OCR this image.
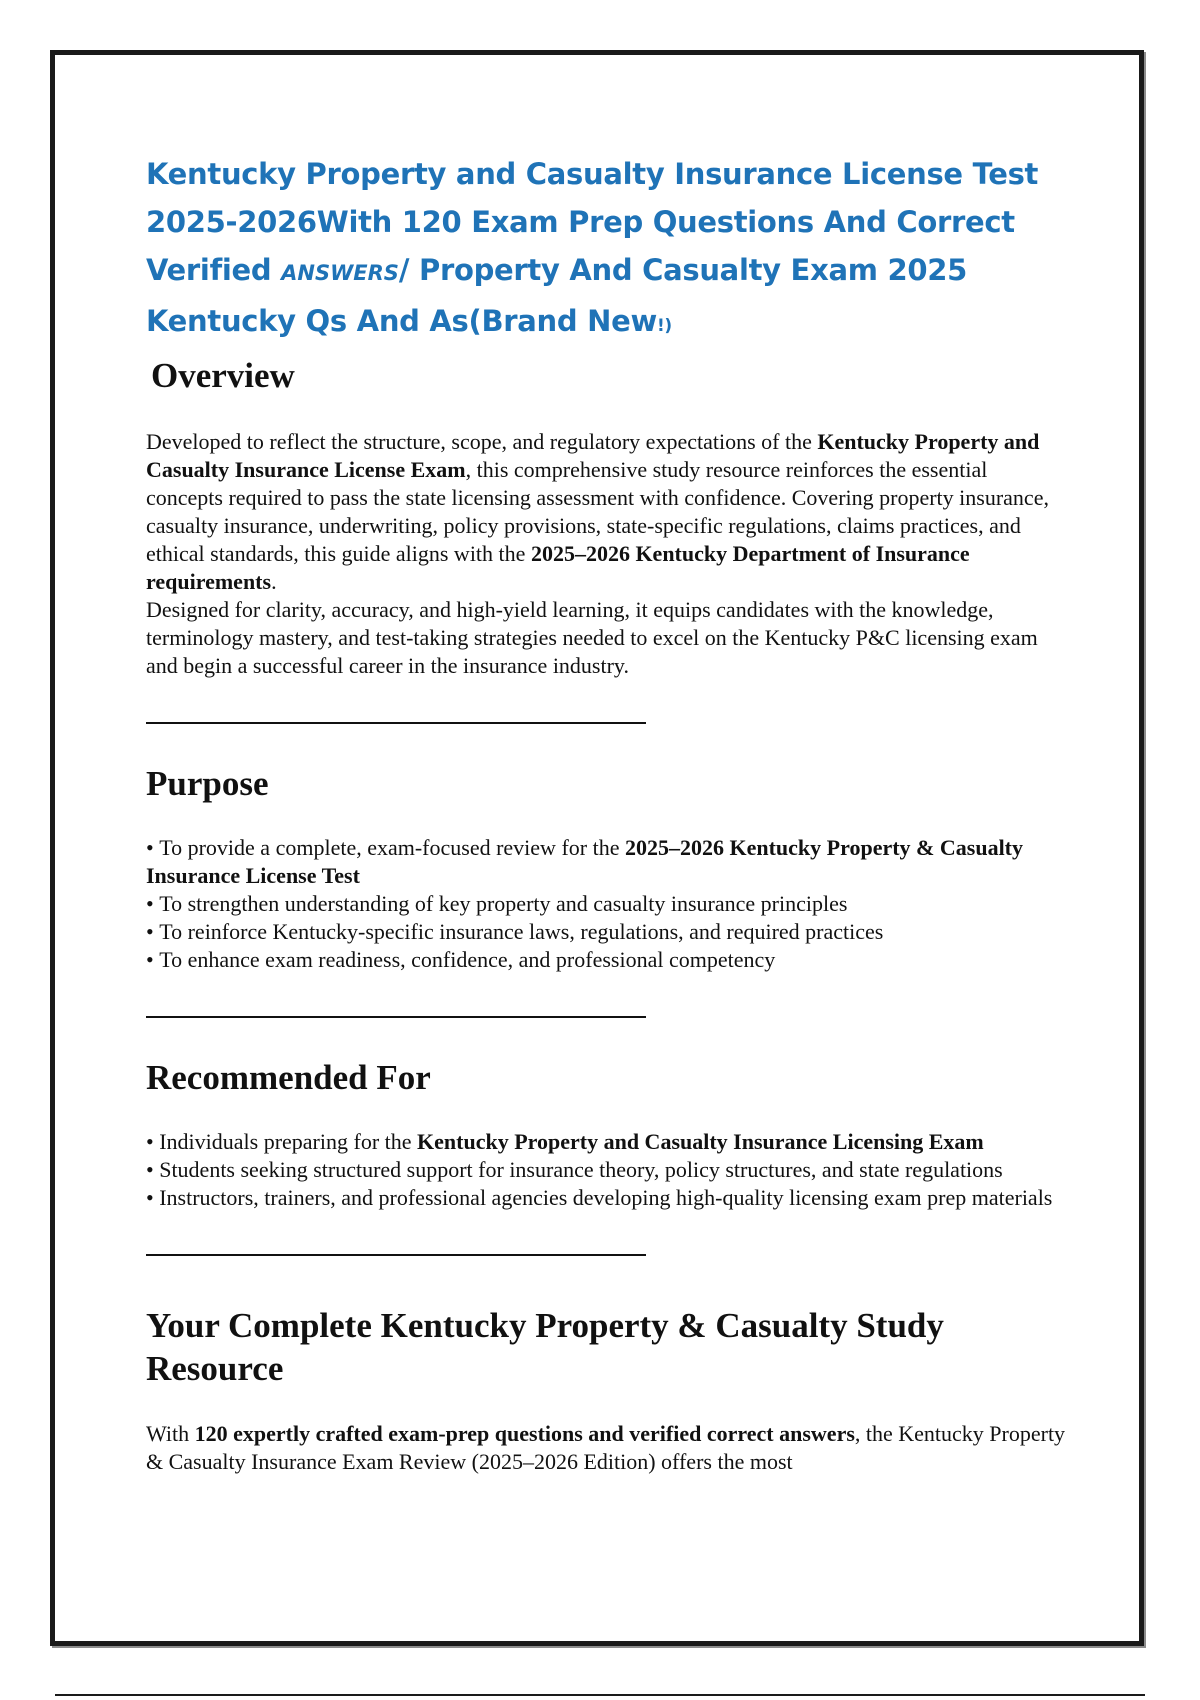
Kentucky Property and Casualty Insurance License Test 2025-2026With 120 Exam Prep Questions And Correct Verified ANSWERS/ Property And Casualty Exam 2025 Kentucky Qs And As(Brand New!)
Overview

Developed to reflect the structure, scope, and regulatory expectations of the Kentucky Property and Casualty Insurance License Exam, this comprehensive study resource reinforces the essential concepts required to pass the state licensing assessment with confidence. Covering property insurance, casualty insurance, underwriting, policy provisions, state-specific regulations, claims practices, and ethical standards, this guide aligns with the 2025–2026 Kentucky Department of Insurance requirements.

Designed for clarity, accuracy, and high-yield learning, it equips candidates with the knowledge, terminology mastery, and test-taking strategies needed to excel on the Kentucky P&C licensing exam and begin a successful career in the insurance industry.

Purpose
• To provide a complete, exam-focused review for the 2025–2026 Kentucky Property & Casualty Insurance License Test
• To strengthen understanding of key property and casualty insurance principles
• To reinforce Kentucky-specific insurance laws, regulations, and required practices
• To enhance exam readiness, confidence, and professional competency
Recommended For
• Individuals preparing for the Kentucky Property and Casualty Insurance Licensing Exam
• Students seeking structured support for insurance theory, policy structures, and state regulations
• Instructors, trainers, and professional agencies developing high-quality licensing exam prep materials
Your Complete Kentucky Property & Casualty Study Resource

With 120 expertly crafted exam-prep questions and verified correct answers, the Kentucky Property & Casualty Insurance Exam Review (2025–2026 Edition) offers the most
